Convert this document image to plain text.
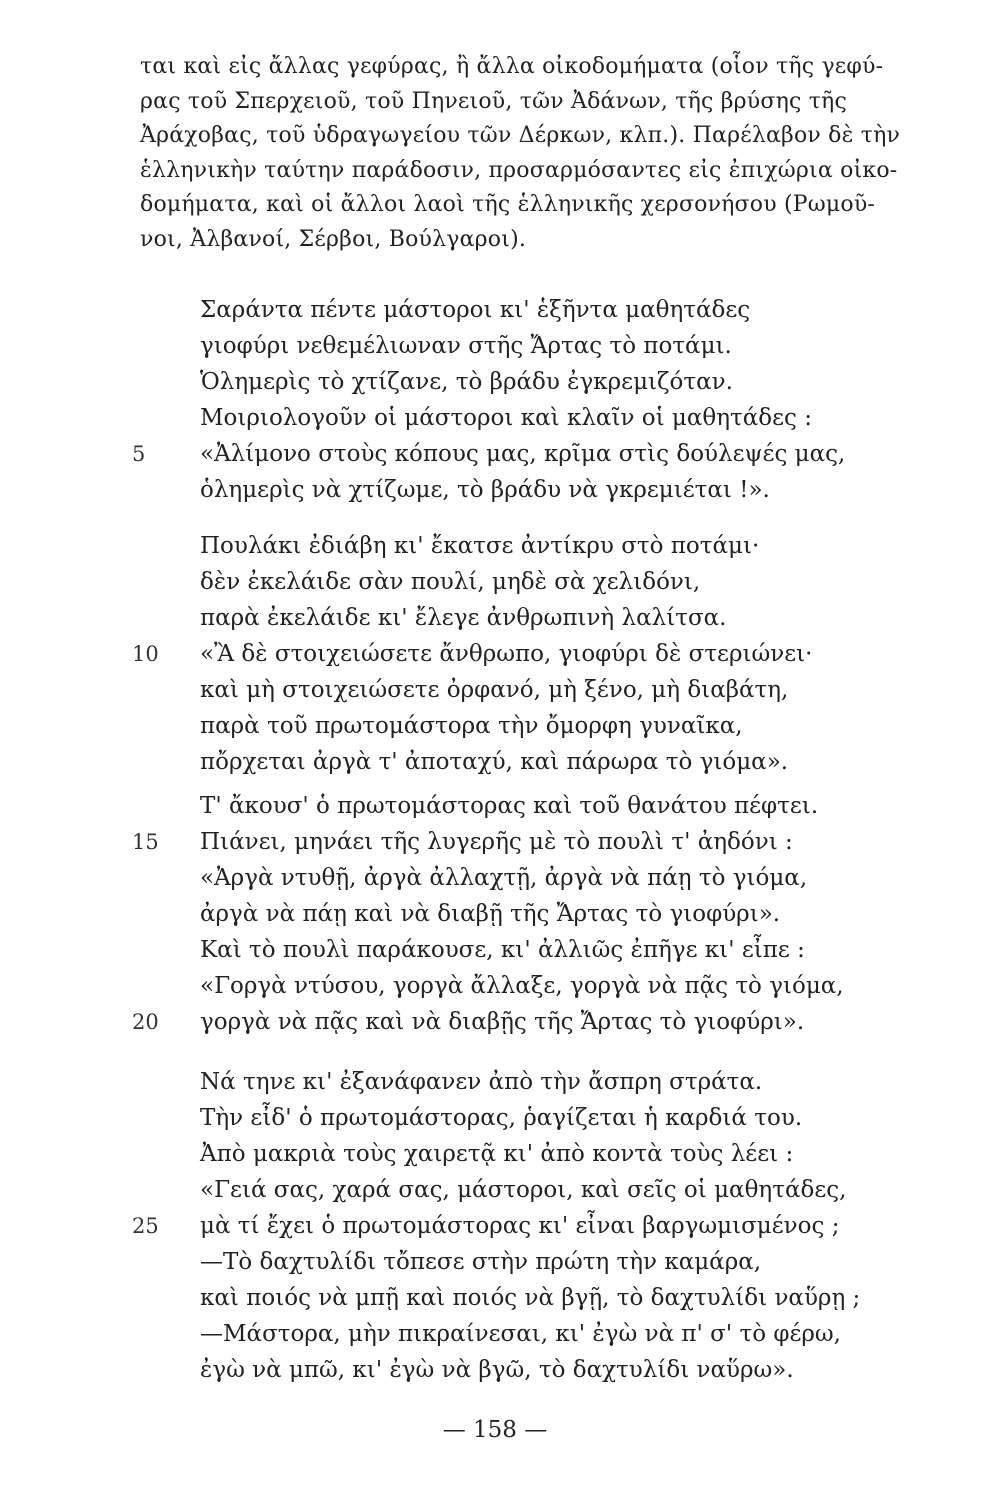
ται καὶ εἰς ἄλλας γεφύρας, ἢ ἄλλα οἰκοδομήματα (οἷον τῆς γεφύ-
ρας τοῦ Σπερχειοῦ, τοῦ Πηνειοῦ, τῶν Ἀδάνων, τῆς βρύσης τῆς
Ἀράχοβας, τοῦ ὑδραγωγείου τῶν Δέρκων, κλπ.). Παρέλαβον δὲ τὴν
ἑλληνικὴν ταύτην παράδοσιν, προσαρμόσαντες εἰς ἐπιχώρια οἰκο-
δομήματα, καὶ οἱ ἄλλοι λαοὶ τῆς ἑλληνικῆς χερσονήσου (Ρωμοῦ-
νοι, Ἀλβανοί, Σέρβοι, Βούλγαροι).
Σαράντα πέντε μάστοροι κι' ἑξῆντα μαθητάδες
γιοφύρι νεθεμέλιωναν στῆς Ἄρτας τὸ ποτάμι.
Ὁλημερὶς τὸ χτίζανε, τὸ βράδυ ἐγκρεμιζόταν.
Μοιριολογοῦν οἱ μάστοροι καὶ κλαῖν οἱ μαθητάδες :
5	«Ἀλίμονο στοὺς κόπους μας, κρῖμα στὶς δούλεψές μας,
ὁλημερὶς νὰ χτίζωμε, τὸ βράδυ νὰ γκρεμιέται !».
Πουλάκι ἐδιάβη κι' ἔκατσε ἀντίκρυ στὸ ποτάμι·
δὲν ἐκελάιδε σὰν πουλί, μηδὲ σὰ χελιδόνι,
παρὰ ἐκελάιδε κι' ἔλεγε ἀνθρωπινὴ λαλίτσα.
10	«Ἂ δὲ στοιχειώσετε ἄνθρωπο, γιοφύρι δὲ στεριώνει·
καὶ μὴ στοιχειώσετε ὀρφανό, μὴ ξένο, μὴ διαβάτη,
παρὰ τοῦ πρωτομάστορα τὴν ὄμορφη γυναῖκα,
πὄρχεται ἀργὰ τ' ἀποταχύ, καὶ πάρωρα τὸ γιόμα».
Τ' ἄκουσ' ὁ πρωτομάστορας καὶ τοῦ θανάτου πέφτει.
15	Πιάνει, μηνάει τῆς λυγερῆς μὲ τὸ πουλὶ τ' ἀηδόνι :
«Ἀργὰ ντυθῇ, ἀργὰ ἀλλαχτῇ, ἀργὰ νὰ πάῃ τὸ γιόμα,
ἀργὰ νὰ πάῃ καὶ νὰ διαβῇ τῆς Ἄρτας τὸ γιοφύρι».
Καὶ τὸ πουλὶ παράκουσε, κι' ἀλλιῶς ἐπῆγε κι' εἶπε :
«Γοργὰ ντύσου, γοργὰ ἄλλαξε, γοργὰ νὰ πᾷς τὸ γιόμα,
20	γοργὰ νὰ πᾷς καὶ νὰ διαβῇς τῆς Ἄρτας τὸ γιοφύρι».
Νά τηνε κι' ἐξανάφανεν ἀπὸ τὴν ἄσπρη στράτα.
Τὴν εἶδ' ὁ πρωτομάστορας, ῥαγίζεται ἡ καρδιά του.
Ἀπὸ μακριὰ τοὺς χαιρετᾷ κι' ἀπὸ κοντὰ τοὺς λέει :
«Γειά σας, χαρά σας, μάστοροι, καὶ σεῖς οἱ μαθητάδες,
25	μὰ τί ἔχει ὁ πρωτομάστορας κι' εἶναι βαργωμισμένος ;
—Τὸ δαχτυλίδι τὄπεσε στὴν πρώτη τὴν καμάρα,
καὶ ποιός νὰ μπῇ καὶ ποιός νὰ βγῇ, τὸ δαχτυλίδι ναὕρῃ ;
—Μάστορα, μὴν πικραίνεσαι, κι' ἐγὼ νὰ π' σ' τὸ φέρω,
ἐγὼ νὰ μπῶ, κι' ἐγὼ νὰ βγῶ, τὸ δαχτυλίδι ναὕρω».
— 158 —
